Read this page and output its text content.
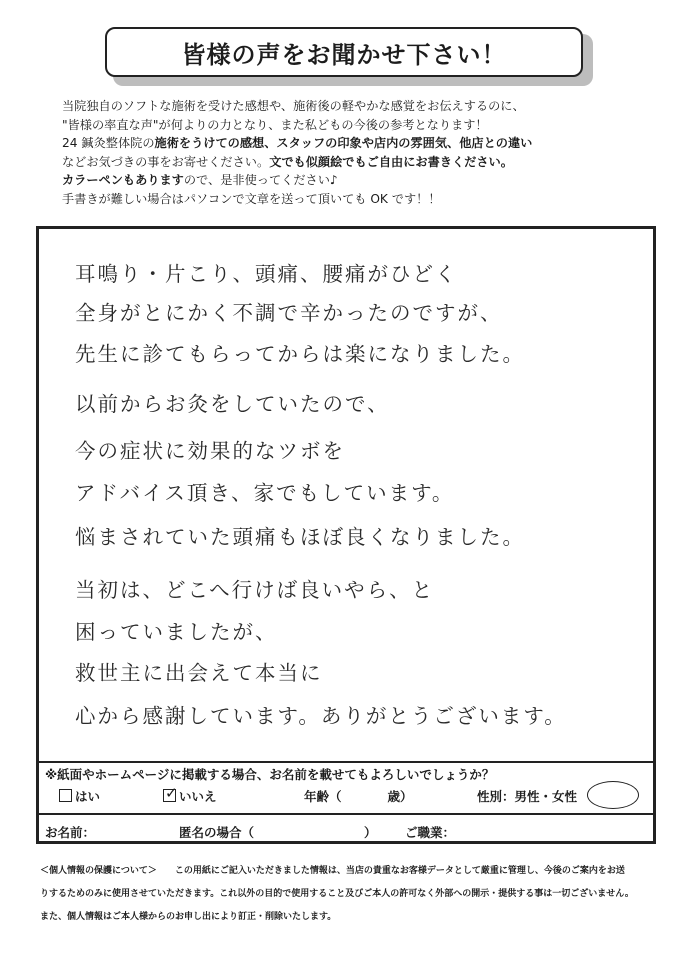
皆様の声をお聞かせ下さい！
当院独自のソフトな施術を受けた感想や、施術後の軽やかな感覚をお伝えするのに、
"皆様の率直な声"が何よりの力となり、また私どもの今後の参考となります！
24 鍼灸整体院の施術をうけての感想、スタッフの印象や店内の雰囲気、他店との違い
などお気づきの事をお寄せください。文でも似顔絵でもご自由にお書きください。
カラーペンもありますので、是非使ってください♪
手書きが難しい場合はパソコンで文章を送って頂いても OK です！！
耳鳴り・片こり、頭痛、腰痛がひどく
全身がとにかく不調で辛かったのですが、
先生に診てもらってからは楽になりました。
以前からお灸をしていたので、
今の症状に効果的なツボを
アドバイス頂き、家でもしています。
悩まされていた頭痛もほぼ良くなりました。
当初は、どこへ行けば良いやら、と
困っていましたが、
救世主に出会えて本当に
心から感謝しています。ありがとうございます。
※紙面やホームページに掲載する場合、お名前を載せてもよろしいでしょうか？
はい	✓ いいえ	年齢（	歳）	性別：男性・女性
お名前：	匿名の場合（	） ご職業：
＜個人情報の保護について＞　　この用紙にご記入いただきました情報は、当店の貴重なお客様データとして厳重に管理し、今後のご案内をお送
りするためのみに使用させていただきます。これ以外の目的で使用すること及びご本人の許可なく外部への開示・提供する事は一切ございません。
また、個人情報はご本人様からのお申し出により訂正・削除いたします。
